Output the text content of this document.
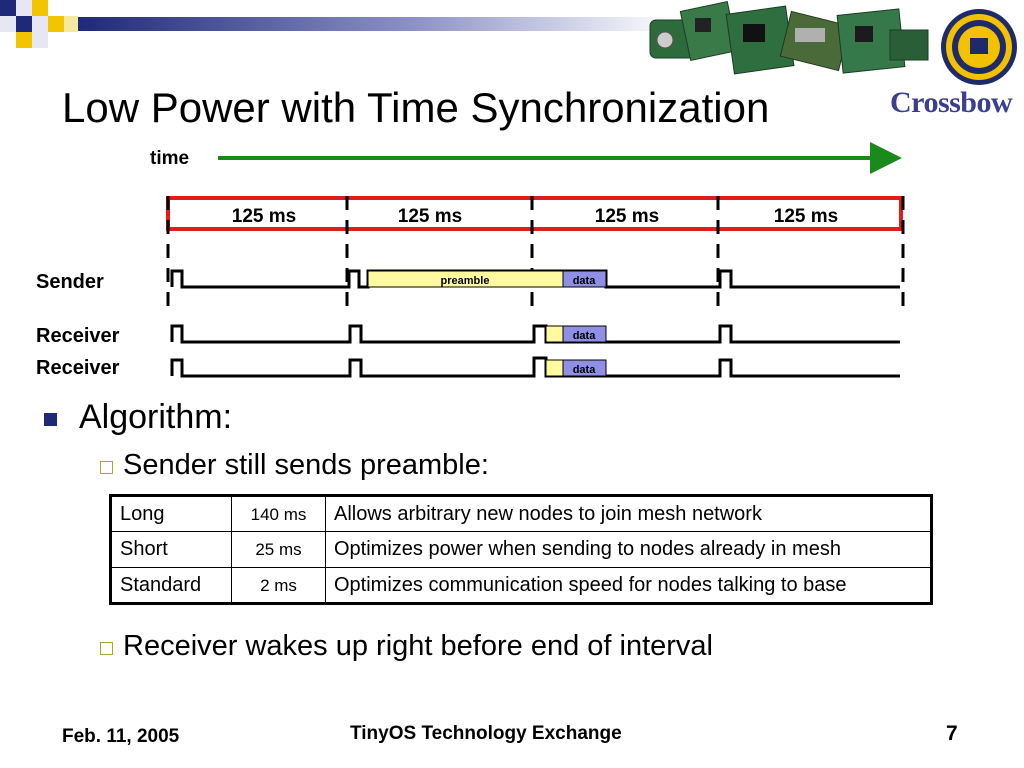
Crossbow
Low Power with Time Synchronization
time
125 ms	125 ms	125 ms	125 ms
Sender
Receiver
Receiver
preamble	data
data
data
Algorithm:
Sender still sends preamble:
Long	140 ms	Allows arbitrary new nodes to join mesh network
Short	25 ms	Optimizes power when sending to nodes already in mesh
Standard	2 ms	Optimizes communication speed for nodes talking to base
Receiver wakes up right before end of interval
Feb. 11, 2005	TinyOS Technology Exchange	7
